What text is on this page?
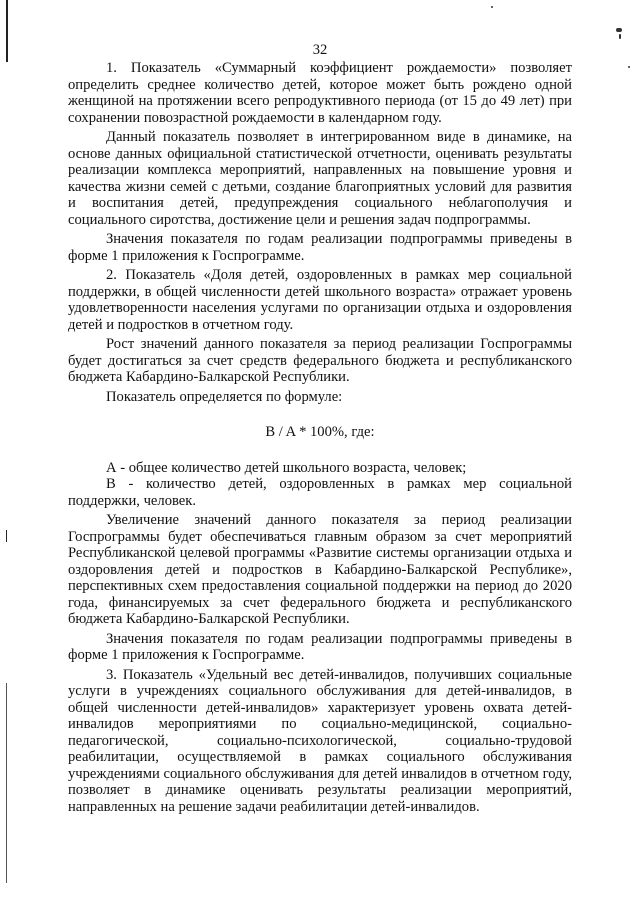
32

1. Показатель «Суммарный коэффициент рождаемости» позволяет определить среднее количество детей, которое может быть рождено одной женщиной на протяжении всего репродуктивного периода (от 15 до 49 лет) при сохранении повозрастной рождаемости в календарном году.

Данный показатель позволяет в интегрированном виде в динамике, на основе данных официальной статистической отчетности, оценивать результаты реализации комплекса мероприятий, направленных на повышение уровня и качества жизни семей с детьми, создание благоприятных условий для развития и воспитания детей, предупреждения социального неблагополучия и социального сиротства, достижение цели и решения задач подпрограммы.

Значения показателя по годам реализации подпрограммы приведены в форме 1 приложения к Госпрограмме.

2. Показатель «Доля детей, оздоровленных в рамках мер социальной поддержки, в общей численности детей школьного возраста» отражает уровень удовлетворенности населения услугами по организации отдыха и оздоровления детей и подростков в отчетном году.

Рост значений данного показателя за период реализации Госпрограммы будет достигаться за счет средств федерального бюджета и республиканского бюджета Кабардино-Балкарской Республики.

Показатель определяется по формуле:

B / A * 100%, где:

А - общее количество детей школьного возраста, человек;

В - количество детей, оздоровленных в рамках мер социальной поддержки, человек.

Увеличение значений данного показателя за период реализации Госпрограммы будет обеспечиваться главным образом за счет мероприятий Республиканской целевой программы «Развитие системы организации отдыха и оздоровления детей и подростков в Кабардино-Балкарской Республике», перспективных схем предоставления социальной поддержки на период до 2020 года, финансируемых за счет федерального бюджета и республиканского бюджета Кабардино-Балкарской Республики.

Значения показателя по годам реализации подпрограммы приведены в форме 1 приложения к Госпрограмме.

3. Показатель «Удельный вес детей-инвалидов, получивших социальные услуги в учреждениях социального обслуживания для детей-инвалидов, в общей численности детей-инвалидов» характеризует уровень охвата детей-инвалидов мероприятиями по социально-медицинской, социально-педагогической, социально-психологической, социально-трудовой реабилитации, осуществляемой в рамках социального обслуживания учреждениями социального обслуживания для детей инвалидов в отчетном году, позволяет в динамике оценивать результаты реализации мероприятий, направленных на решение задачи реабилитации детей-инвалидов.
